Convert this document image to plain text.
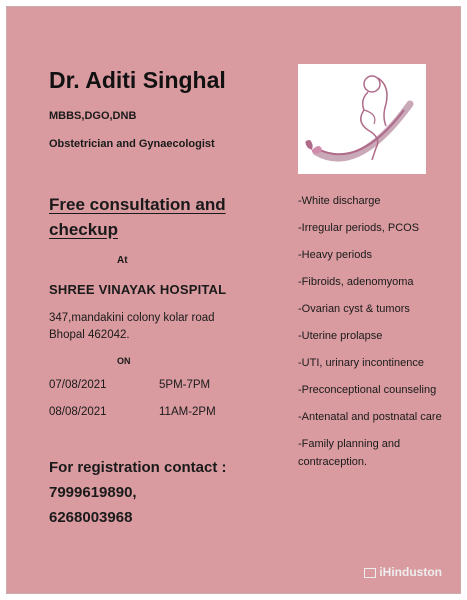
Dr. Aditi Singhal
MBBS,DGO,DNB
Obstetrician and Gynaecologist
Free consultation and
checkup
At
SHREE VINAYAK HOSPITAL
347,mandakini colony kolar road
Bhopal 462042.
ON
07/08/2021	5PM-7PM
08/08/2021	11AM-2PM
For registration contact :
7999619890,
6268003968
-White discharge
-Irregular periods, PCOS
-Heavy periods
-Fibroids, adenomyoma
-Ovarian cyst & tumors
-Uterine prolapse
-UTI, urinary incontinence
-Preconceptional counseling
-Antenatal and postnatal care
-Family planning and contraception.
iHinduston
